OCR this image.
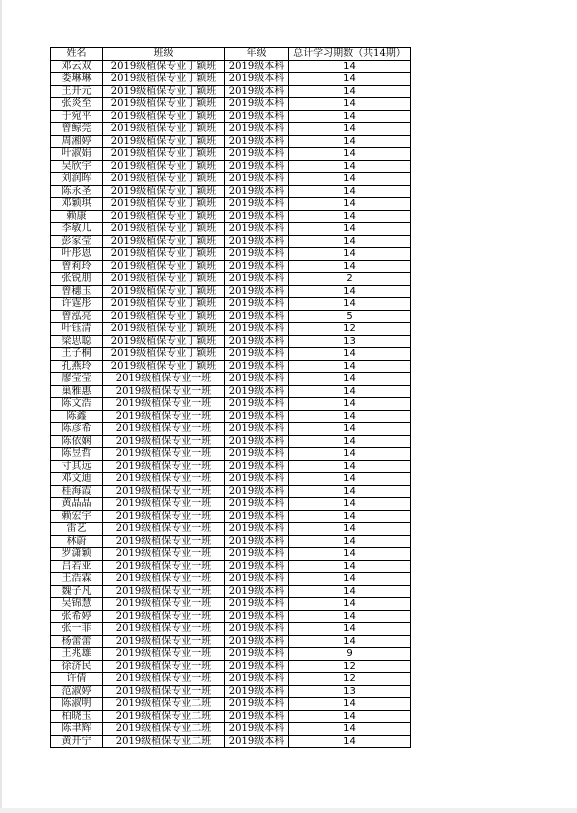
姓名	班级	年级	总计学习期数（共14期）
邓云双	2019级植保专业丁颖班	2019级本科	14
娄琳琳	2019级植保专业丁颖班	2019级本科	14
王开元	2019级植保专业丁颖班	2019级本科	14
张炎至	2019级植保专业丁颖班	2019级本科	14
于宛平	2019级植保专业丁颖班	2019级本科	14
曾鲸莞	2019级植保专业丁颖班	2019级本科	14
周湘婷	2019级植保专业丁颖班	2019级本科	14
叶淑娟	2019级植保专业丁颖班	2019级本科	14
吴欣宇	2019级植保专业丁颖班	2019级本科	14
刘润晖	2019级植保专业丁颖班	2019级本科	14
陈永圣	2019级植保专业丁颖班	2019级本科	14
邓颖琪	2019级植保专业丁颖班	2019级本科	14
赖康	2019级植保专业丁颖班	2019级本科	14
李敏儿	2019级植保专业丁颖班	2019级本科	14
彭家莹	2019级植保专业丁颖班	2019级本科	14
叶彤恩	2019级植保专业丁颖班	2019级本科	14
曾莉玲	2019级植保专业丁颖班	2019级本科	14
张锐朋	2019级植保专业丁颖班	2019级本科	2
曾穗玉	2019级植保专业丁颖班	2019级本科	14
许霆彤	2019级植保专业丁颖班	2019级本科	14
曾泓亮	2019级植保专业丁颖班	2019级本科	5
叶钰清	2019级植保专业丁颖班	2019级本科	12
梁思聪	2019级植保专业丁颖班	2019级本科	13
王子桐	2019级植保专业丁颖班	2019级本科	14
孔燕玲	2019级植保专业丁颖班	2019级本科	14
廖莹莹	2019级植保专业一班	2019级本科	14
巢雅惠	2019级植保专业一班	2019级本科	14
陈文浩	2019级植保专业一班	2019级本科	14
陈鑫	2019级植保专业一班	2019级本科	14
陈彦希	2019级植保专业一班	2019级本科	14
陈依娴	2019级植保专业一班	2019级本科	14
陈昱哲	2019级植保专业一班	2019级本科	14
寸其远	2019级植保专业一班	2019级本科	14
邓文迪	2019级植保专业一班	2019级本科	14
桂海霞	2019级植保专业一班	2019级本科	14
黄晶晶	2019级植保专业一班	2019级本科	14
赖宏宇	2019级植保专业一班	2019级本科	14
雷艺	2019级植保专业一班	2019级本科	14
林蔚	2019级植保专业一班	2019级本科	14
罗潇颖	2019级植保专业一班	2019级本科	14
吕若亚	2019级植保专业一班	2019级本科	14
王浩霖	2019级植保专业一班	2019级本科	14
魏子凡	2019级植保专业一班	2019级本科	14
吴锦慧	2019级植保专业一班	2019级本科	14
张希婷	2019级植保专业一班	2019级本科	14
张一菲	2019级植保专业一班	2019级本科	14
杨蕾蕾	2019级植保专业一班	2019级本科	14
王兆雄	2019级植保专业一班	2019级本科	9
徐济民	2019级植保专业一班	2019级本科	12
许倩	2019级植保专业一班	2019级本科	12
范淑婷	2019级植保专业一班	2019级本科	13
陈淑明	2019级植保专业二班	2019级本科	14
柏晓玉	2019级植保专业二班	2019级本科	14
陈聿辉	2019级植保专业二班	2019级本科	14
黄开宁	2019级植保专业二班	2019级本科	14
